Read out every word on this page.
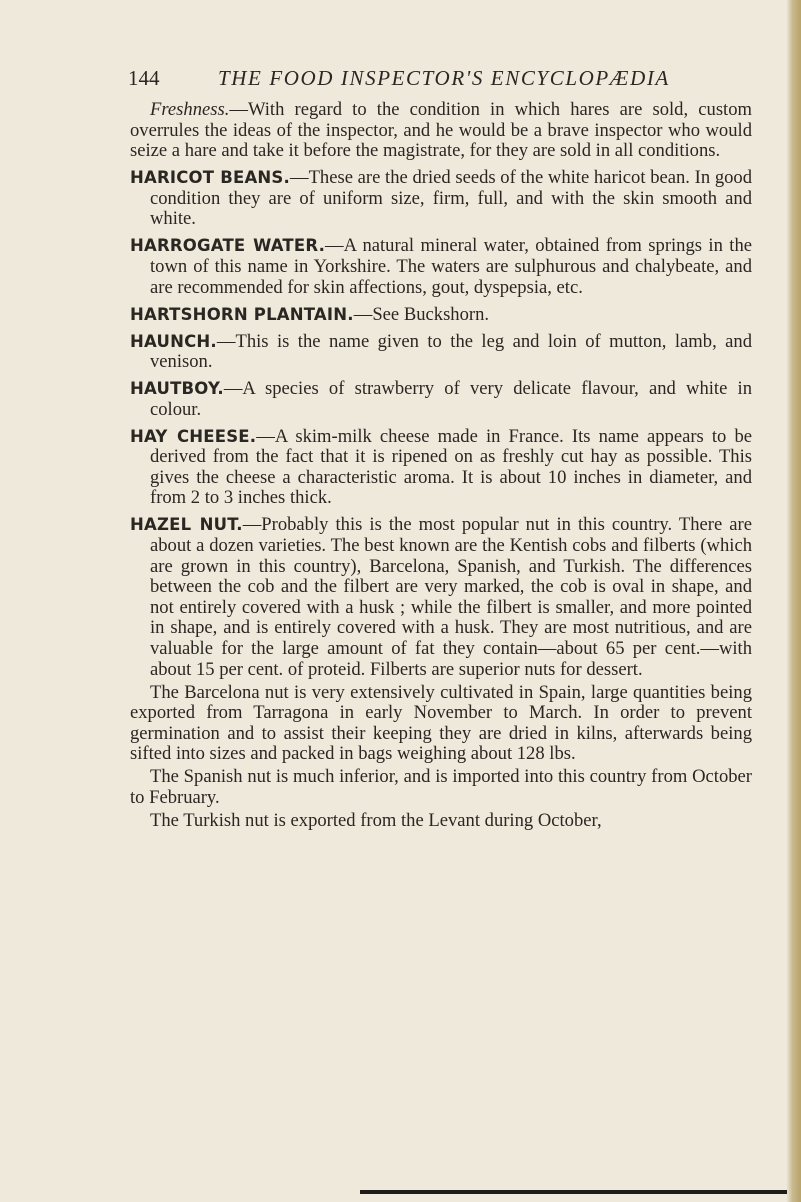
144	THE FOOD INSPECTOR'S ENCYCLOPÆDIA

Freshness.—With regard to the condition in which hares are sold, custom overrules the ideas of the inspector, and he would be a brave inspector who would seize a hare and take it before the magistrate, for they are sold in all conditions.

HARICOT BEANS.—These are the dried seeds of the white haricot bean. In good condition they are of uniform size, firm, full, and with the skin smooth and white.

HARROGATE WATER.—A natural mineral water, obtained from springs in the town of this name in Yorkshire. The waters are sulphurous and chalybeate, and are recommended for skin affections, gout, dyspepsia, etc.

HARTSHORN PLANTAIN.—See Buckshorn.

HAUNCH.—This is the name given to the leg and loin of mutton, lamb, and venison.

HAUTBOY.—A species of strawberry of very delicate flavour, and white in colour.

HAY CHEESE.—A skim-milk cheese made in France. Its name appears to be derived from the fact that it is ripened on as freshly cut hay as possible. This gives the cheese a characteristic aroma. It is about 10 inches in diameter, and from 2 to 3 inches thick.

HAZEL NUT.—Probably this is the most popular nut in this country. There are about a dozen varieties. The best known are the Kentish cobs and filberts (which are grown in this country), Barcelona, Spanish, and Turkish. The differences between the cob and the filbert are very marked, the cob is oval in shape, and not entirely covered with a husk ; while the filbert is smaller, and more pointed in shape, and is entirely covered with a husk. They are most nutritious, and are valuable for the large amount of fat they contain—about 65 per cent.—with about 15 per cent. of proteid. Filberts are superior nuts for dessert.

The Barcelona nut is very extensively cultivated in Spain, large quantities being exported from Tarragona in early November to March. In order to prevent germination and to assist their keeping they are dried in kilns, afterwards being sifted into sizes and packed in bags weighing about 128 lbs.

The Spanish nut is much inferior, and is imported into this country from October to February.

The Turkish nut is exported from the Levant during October,
